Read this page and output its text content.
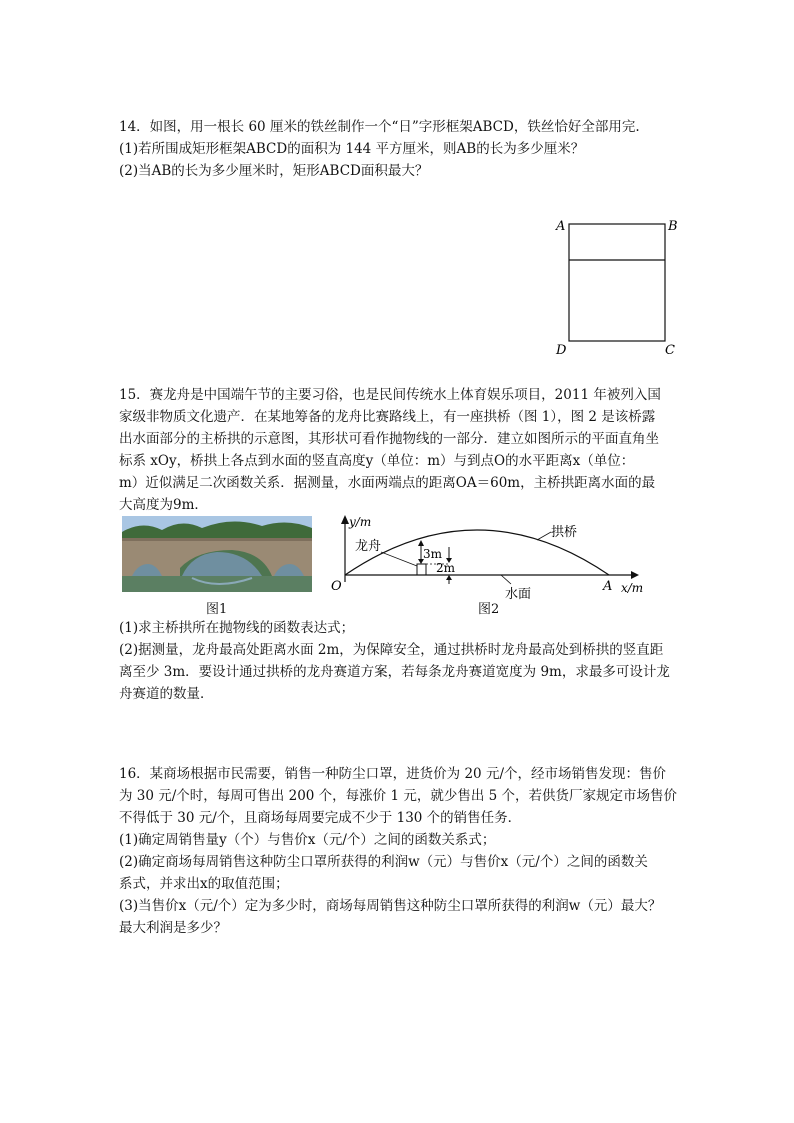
14．如图，用一根长 60 厘米的铁丝制作一个“日”字形框架ABCD，铁丝恰好全部用完.
(1)若所围成矩形框架ABCD的面积为 144 平方厘米，则AB的长为多少厘米？
(2)当AB的长为多少厘米时，矩形ABCD面积最大？
A	B
D	C
15．赛龙舟是中国端午节的主要习俗，也是民间传统水上体育娱乐项目，2011 年被列入国
家级非物质文化遗产．在某地筹备的龙舟比赛路线上，有一座拱桥（图 1），图 2 是该桥露
出水面部分的主桥拱的示意图，其形状可看作抛物线的一部分．建立如图所示的平面直角坐
标系 xOy，桥拱上各点到水面的竖直高度y（单位：m）与到点O的水平距离x（单位：
m）近似满足二次函数关系．据测量，水面两端点的距离OA＝60m，主桥拱距离水面的最
大高度为9m．
图1
y/m
x/m
O	A
拱桥
龙舟	3m
2m
水面
图2
(1)求主桥拱所在抛物线的函数表达式；
(2)据测量，龙舟最高处距离水面 2m，为保障安全，通过拱桥时龙舟最高处到桥拱的竖直距
离至少 3m．要设计通过拱桥的龙舟赛道方案，若每条龙舟赛道宽度为 9m，求最多可设计龙
舟赛道的数量．
16．某商场根据市民需要，销售一种防尘口罩，进货价为 20 元/个，经市场销售发现：售价
为 30 元/个时，每周可售出 200 个，每涨价 1 元，就少售出 5 个，若供货厂家规定市场售价
不得低于 30 元/个，且商场每周要完成不少于 130 个的销售任务．
(1)确定周销售量y（个）与售价x（元/个）之间的函数关系式；
(2)确定商场每周销售这种防尘口罩所获得的利润w（元）与售价x（元/个）之间的函数关
系式，并求出x的取值范围；
(3)当售价x（元/个）定为多少时，商场每周销售这种防尘口罩所获得的利润w（元）最大？
最大利润是多少？
